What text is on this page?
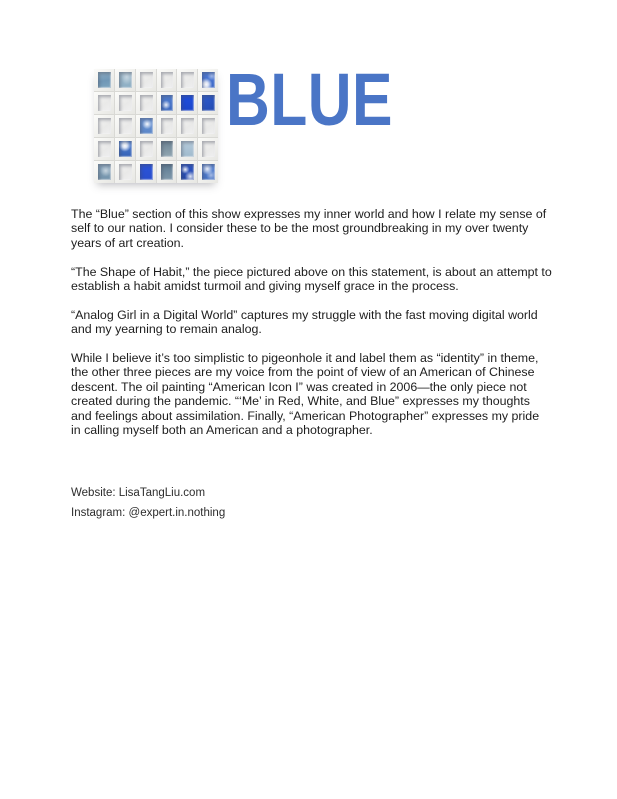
BLUE

The “Blue” section of this show expresses my inner world and how I relate my sense of self to our nation. I consider these to be the most groundbreaking in my over twenty years of art creation.

“The Shape of Habit,” the piece pictured above on this statement, is about an attempt to establish a habit amidst turmoil and giving myself grace in the process.

“Analog Girl in a Digital World” captures my struggle with the fast moving digital world and my yearning to remain analog.

While I believe it’s too simplistic to pigeonhole it and label them as “identity” in theme, the other three pieces are my voice from the point of view of an American of Chinese descent. The oil painting “American Icon I” was created in 2006—the only piece not created during the pandemic. “‘Me’ in Red, White, and Blue” expresses my thoughts and feelings about assimilation. Finally, “American Photographer” expresses my pride in calling myself both an American and a photographer.

Website: LisaTangLiu.com

Instagram: @expert.in.nothing
